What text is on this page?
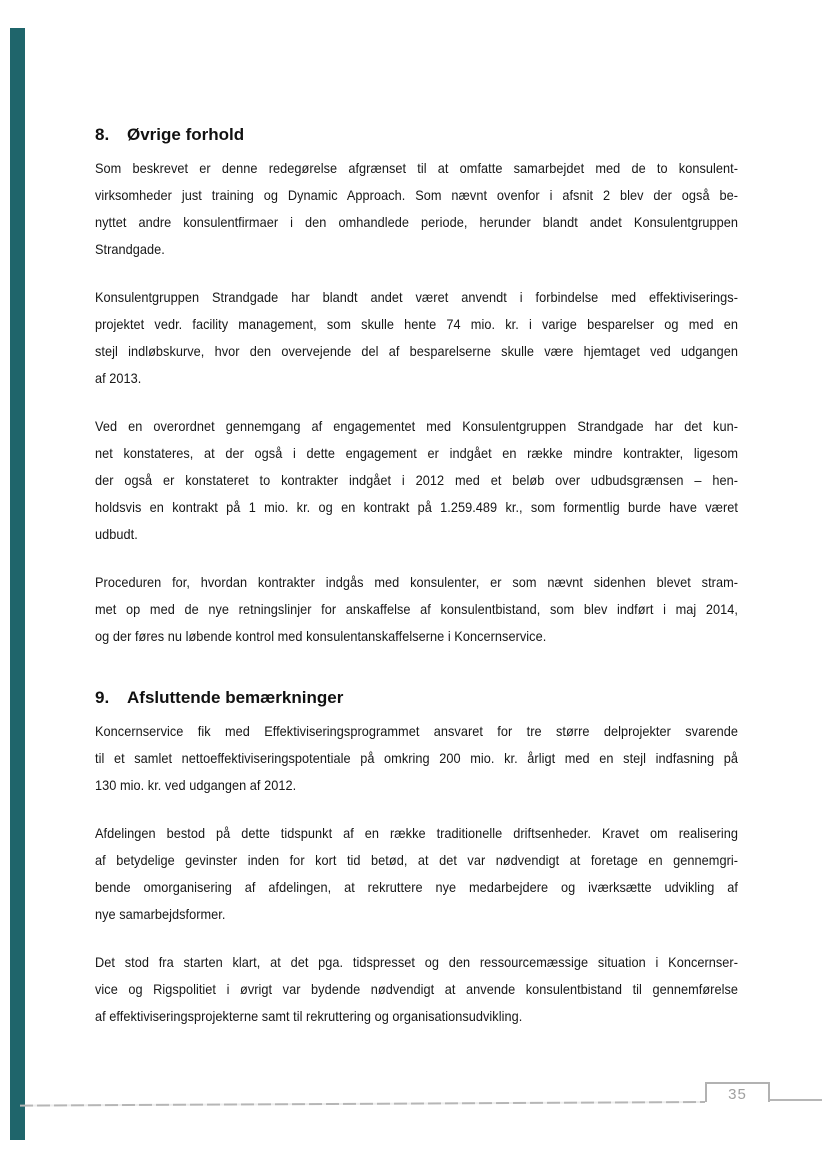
8. Øvrige forhold
Som beskrevet er denne redegørelse afgrænset til at omfatte samarbejdet med de to konsulent-
virksomheder just training og Dynamic Approach. Som nævnt ovenfor i afsnit 2 blev der også be-
nyttet andre konsulentfirmaer i den omhandlede periode, herunder blandt andet Konsulentgruppen
Strandgade.
Konsulentgruppen Strandgade har blandt andet været anvendt i forbindelse med effektiviserings-
projektet vedr. facility management, som skulle hente 74 mio. kr. i varige besparelser og med en
stejl indløbskurve, hvor den overvejende del af besparelserne skulle være hjemtaget ved udgangen
af 2013.
Ved en overordnet gennemgang af engagementet med Konsulentgruppen Strandgade har det kun-
net konstateres, at der også i dette engagement er indgået en række mindre kontrakter, ligesom
der også er konstateret to kontrakter indgået i 2012 med et beløb over udbudsgrænsen – hen-
holdsvis en kontrakt på 1 mio. kr. og en kontrakt på 1.259.489 kr., som formentlig burde have været
udbudt.
Proceduren for, hvordan kontrakter indgås med konsulenter, er som nævnt sidenhen blevet stram-
met op med de nye retningslinjer for anskaffelse af konsulentbistand, som blev indført i maj 2014,
og der føres nu løbende kontrol med konsulentanskaffelserne i Koncernservice.
9. Afsluttende bemærkninger
Koncernservice fik med Effektiviseringsprogrammet ansvaret for tre større delprojekter svarende
til et samlet nettoeffektiviseringspotentiale på omkring 200 mio. kr. årligt med en stejl indfasning på
130 mio. kr. ved udgangen af 2012.
Afdelingen bestod på dette tidspunkt af en række traditionelle driftsenheder. Kravet om realisering
af betydelige gevinster inden for kort tid betød, at det var nødvendigt at foretage en gennemgri-
bende omorganisering af afdelingen, at rekruttere nye medarbejdere og iværksætte udvikling af
nye samarbejdsformer.
Det stod fra starten klart, at det pga. tidspresset og den ressourcemæssige situation i Koncernser-
vice og Rigspolitiet i øvrigt var bydende nødvendigt at anvende konsulentbistand til gennemførelse
af effektiviseringsprojekterne samt til rekruttering og organisationsudvikling.
35
